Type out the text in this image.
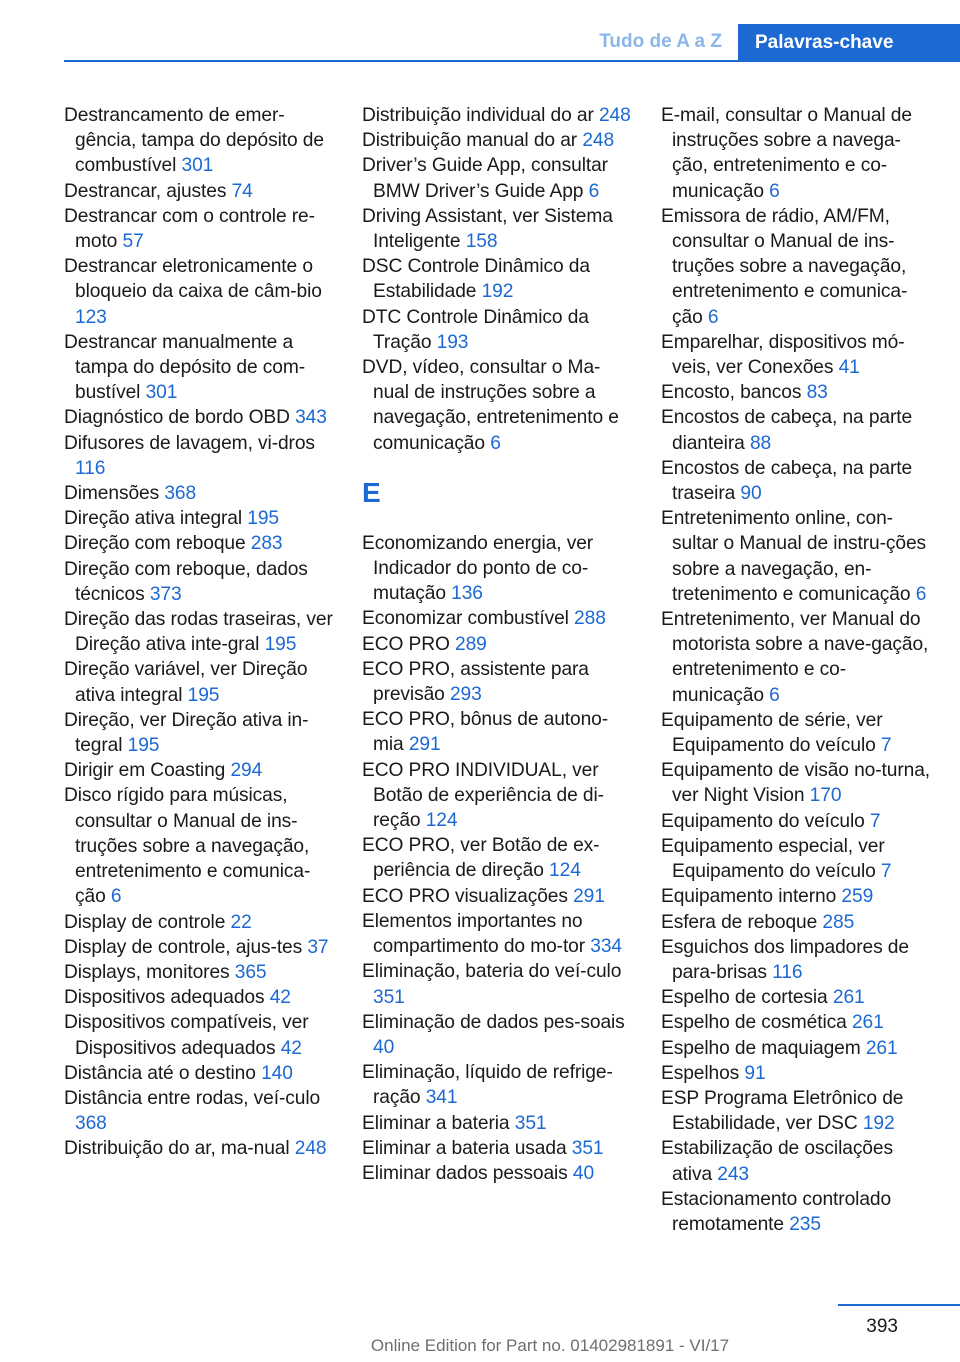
Tudo de A a Z	Palavras-chave
Destrancamento de emer‐gência, tampa do depósito de combustível 301
Destrancar, ajustes 74
Destrancar com o controle re‐moto 57
Destrancar eletronicamente o bloqueio da caixa de câm‐bio 123
Destrancar manualmente a tampa do depósito de com‐bustível 301
Diagnóstico de bordo OBD 343
Difusores de lavagem, vi‐dros 116
Dimensões 368
Direção ativa integral 195
Direção com reboque 283
Direção com reboque, dados técnicos 373
Direção das rodas traseiras, ver Direção ativa inte‐gral 195
Direção variável, ver Direção ativa integral 195
Direção, ver Direção ativa in‐tegral 195
Dirigir em Coasting 294
Disco rígido para músicas, consultar o Manual de ins‐truções sobre a navegação, entretenimento e comunica‐ção 6
Display de controle 22
Display de controle, ajus‐tes 37
Displays, monitores 365
Dispositivos adequados 42
Dispositivos compatíveis, ver Dispositivos adequados 42
Distância até o destino 140
Distância entre rodas, veí‐culo 368
Distribuição do ar, ma‐nual 248
Distribuição individual do ar 248
Distribuição manual do ar 248
Driver’s Guide App, consultar BMW Driver’s Guide App 6
Driving Assistant, ver Sistema Inteligente 158
DSC Controle Dinâmico da Estabilidade 192
DTC Controle Dinâmico da Tração 193
DVD, vídeo, consultar o Ma‐nual de instruções sobre a navegação, entretenimento e comunicação 6
E
Economizando energia, ver Indicador do ponto de co‐mutação 136
Economizar combustível 288
ECO PRO 289
ECO PRO, assistente para previsão 293
ECO PRO, bônus de autono‐mia 291
ECO PRO INDIVIDUAL, ver Botão de experiência de di‐reção 124
ECO PRO, ver Botão de ex‐periência de direção 124
ECO PRO visualizações 291
Elementos importantes no compartimento do mo‐tor 334
Eliminação, bateria do veí‐culo 351
Eliminação de dados pes‐soais 40
Eliminação, líquido de refrige‐ração 341
Eliminar a bateria 351
Eliminar a bateria usada 351
Eliminar dados pessoais 40
E-mail, consultar o Manual de instruções sobre a navega‐ção, entretenimento e co‐municação 6
Emissora de rádio, AM/FM, consultar o Manual de ins‐truções sobre a navegação, entretenimento e comunica‐ção 6
Emparelhar, dispositivos mó‐veis, ver Conexões 41
Encosto, bancos 83
Encostos de cabeça, na parte dianteira 88
Encostos de cabeça, na parte traseira 90
Entretenimento online, con‐sultar o Manual de instru‐ções sobre a navegação, en‐tretenimento e comunicação 6
Entretenimento, ver Manual do motorista sobre a nave‐gação, entretenimento e co‐municação 6
Equipamento de série, ver Equipamento do veículo 7
Equipamento de visão no‐turna, ver Night Vision 170
Equipamento do veículo 7
Equipamento especial, ver Equipamento do veículo 7
Equipamento interno 259
Esfera de reboque 285
Esguichos dos limpadores de para-brisas 116
Espelho de cortesia 261
Espelho de cosmética 261
Espelho de maquiagem 261
Espelhos 91
ESP Programa Eletrônico de Estabilidade, ver DSC 192
Estabilização de oscilações ativa 243
Estacionamento controlado remotamente 235
393
Online Edition for Part no. 01402981891 - VI/17
